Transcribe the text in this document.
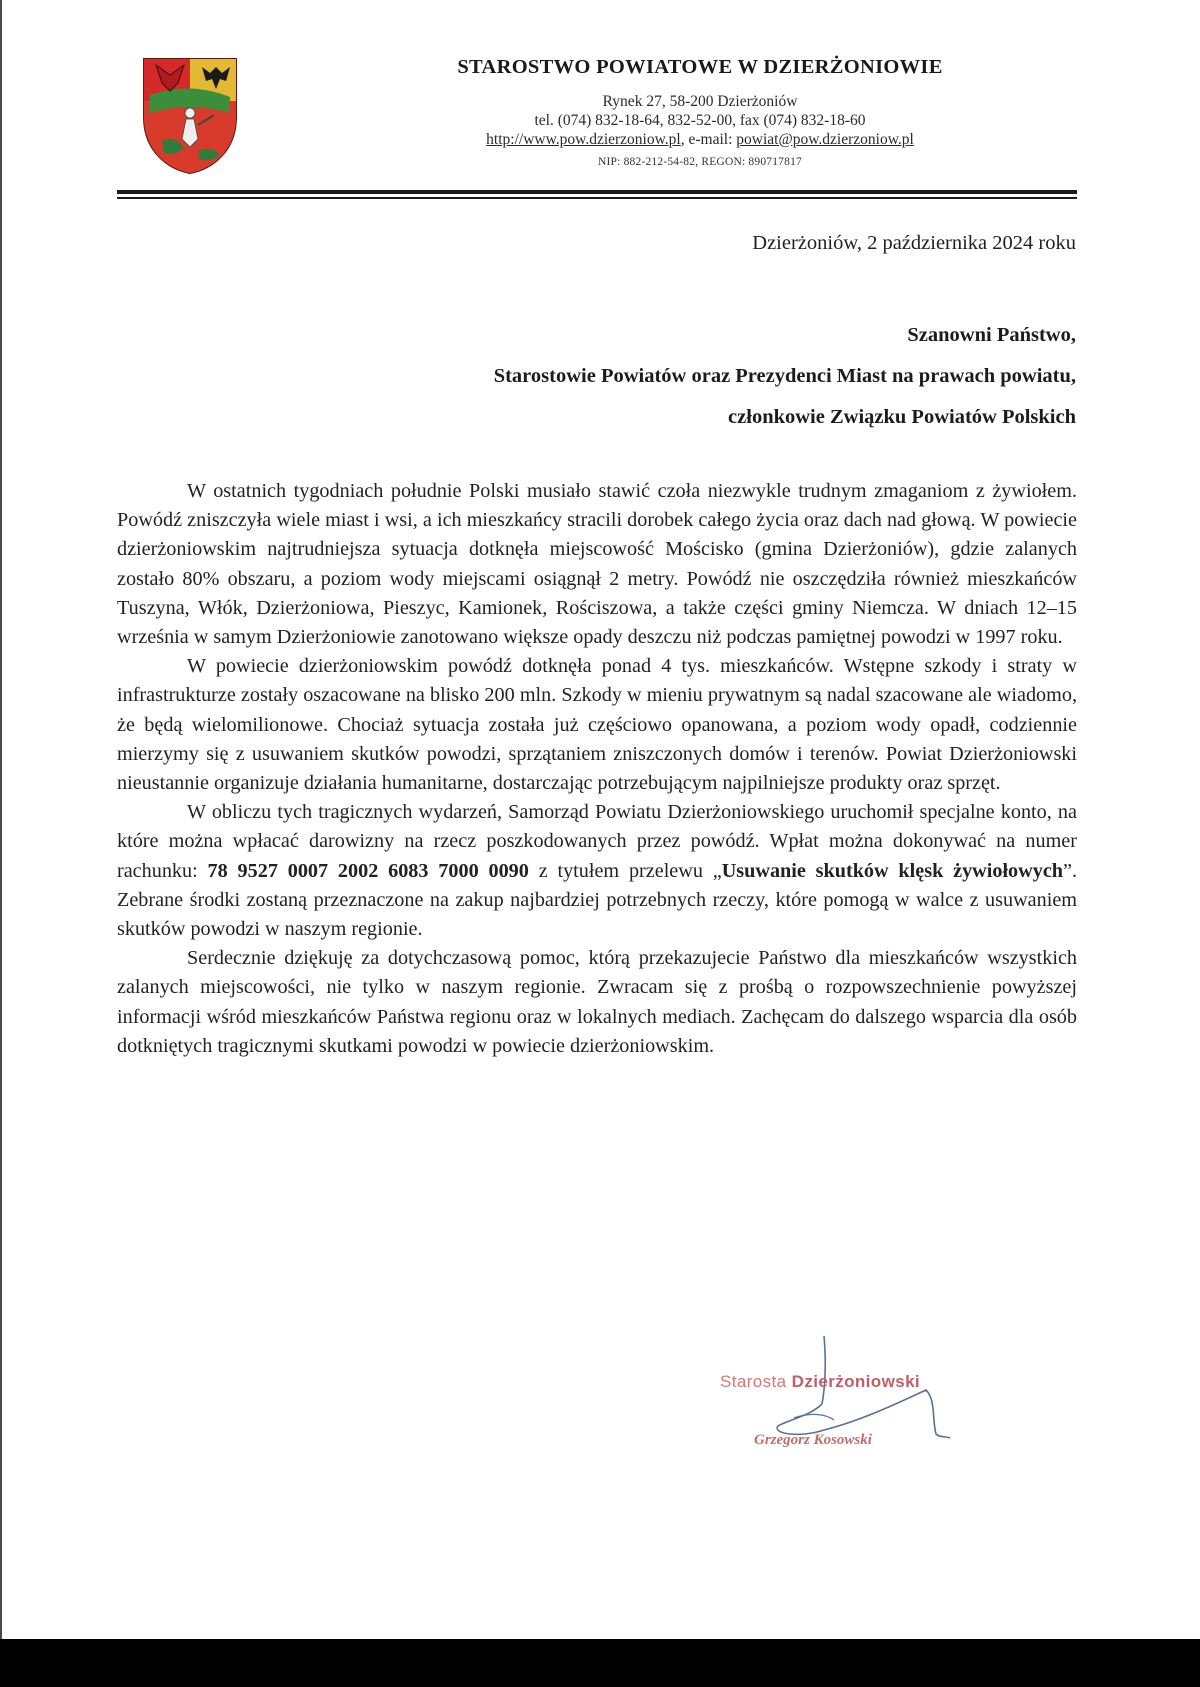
STAROSTWO POWIATOWE W DZIERŻONIOWIE
Rynek 27, 58-200 Dzierżoniów
tel. (074) 832-18-64, 832-52-00, fax (074) 832-18-60
http://www.pow.dzierzoniow.pl, e-mail: powiat@pow.dzierzoniow.pl
NIP: 882-212-54-82, REGON: 890717817
Dzierżoniów, 2 października 2024 roku
Szanowni Państwo,
Starostowie Powiatów oraz Prezydenci Miast na prawach powiatu,
członkowie Związku Powiatów Polskich

W ostatnich tygodniach południe Polski musiało stawić czoła niezwykle trudnym zmaganiom z żywiołem. Powódź zniszczyła wiele miast i wsi, a ich mieszkańcy stracili dorobek całego życia oraz dach nad głową. W powiecie dzierżoniowskim najtrudniejsza sytuacja dotknęła miejscowość Mościsko (gmina Dzierżoniów), gdzie zalanych zostało 80% obszaru, a poziom wody miejscami osiągnął 2 metry. Powódź nie oszczędziła również mieszkańców Tuszyna, Włók, Dzierżoniowa, Pieszyc, Kamionek, Rościszowa, a także części gminy Niemcza. W dniach 12–15 września w samym Dzierżoniowie zanotowano większe opady deszczu niż podczas pamiętnej powodzi w 1997 roku.

W powiecie dzierżoniowskim powódź dotknęła ponad 4 tys. mieszkańców. Wstępne szkody i straty w infrastrukturze zostały oszacowane na blisko 200 mln. Szkody w mieniu prywatnym są nadal szacowane ale wiadomo, że będą wielomilionowe. Chociaż sytuacja została już częściowo opanowana, a poziom wody opadł, codziennie mierzymy się z usuwaniem skutków powodzi, sprzątaniem zniszczonych domów i terenów. Powiat Dzierżoniowski nieustannie organizuje działania humanitarne, dostarczając potrzebującym najpilniejsze produkty oraz sprzęt.

W obliczu tych tragicznych wydarzeń, Samorząd Powiatu Dzierżoniowskiego uruchomił specjalne konto, na które można wpłacać darowizny na rzecz poszkodowanych przez powódź. Wpłat można dokonywać na numer rachunku: 78 9527 0007 2002 6083 7000 0090 z tytułem przelewu „Usuwanie skutków klęsk żywiołowych”. Zebrane środki zostaną przeznaczone na zakup najbardziej potrzebnych rzeczy, które pomogą w walce z usuwaniem skutków powodzi w naszym regionie.

Serdecznie dziękuję za dotychczasową pomoc, którą przekazujecie Państwo dla mieszkańców wszystkich zalanych miejscowości, nie tylko w naszym regionie. Zwracam się z prośbą o rozpowszechnienie powyższej informacji wśród mieszkańców Państwa regionu oraz w lokalnych mediach. Zachęcam do dalszego wsparcia dla osób dotkniętych tragicznymi skutkami powodzi w powiecie dzierżoniowskim.

Starosta Dzierżoniowski
Grzegorz Kosowski
